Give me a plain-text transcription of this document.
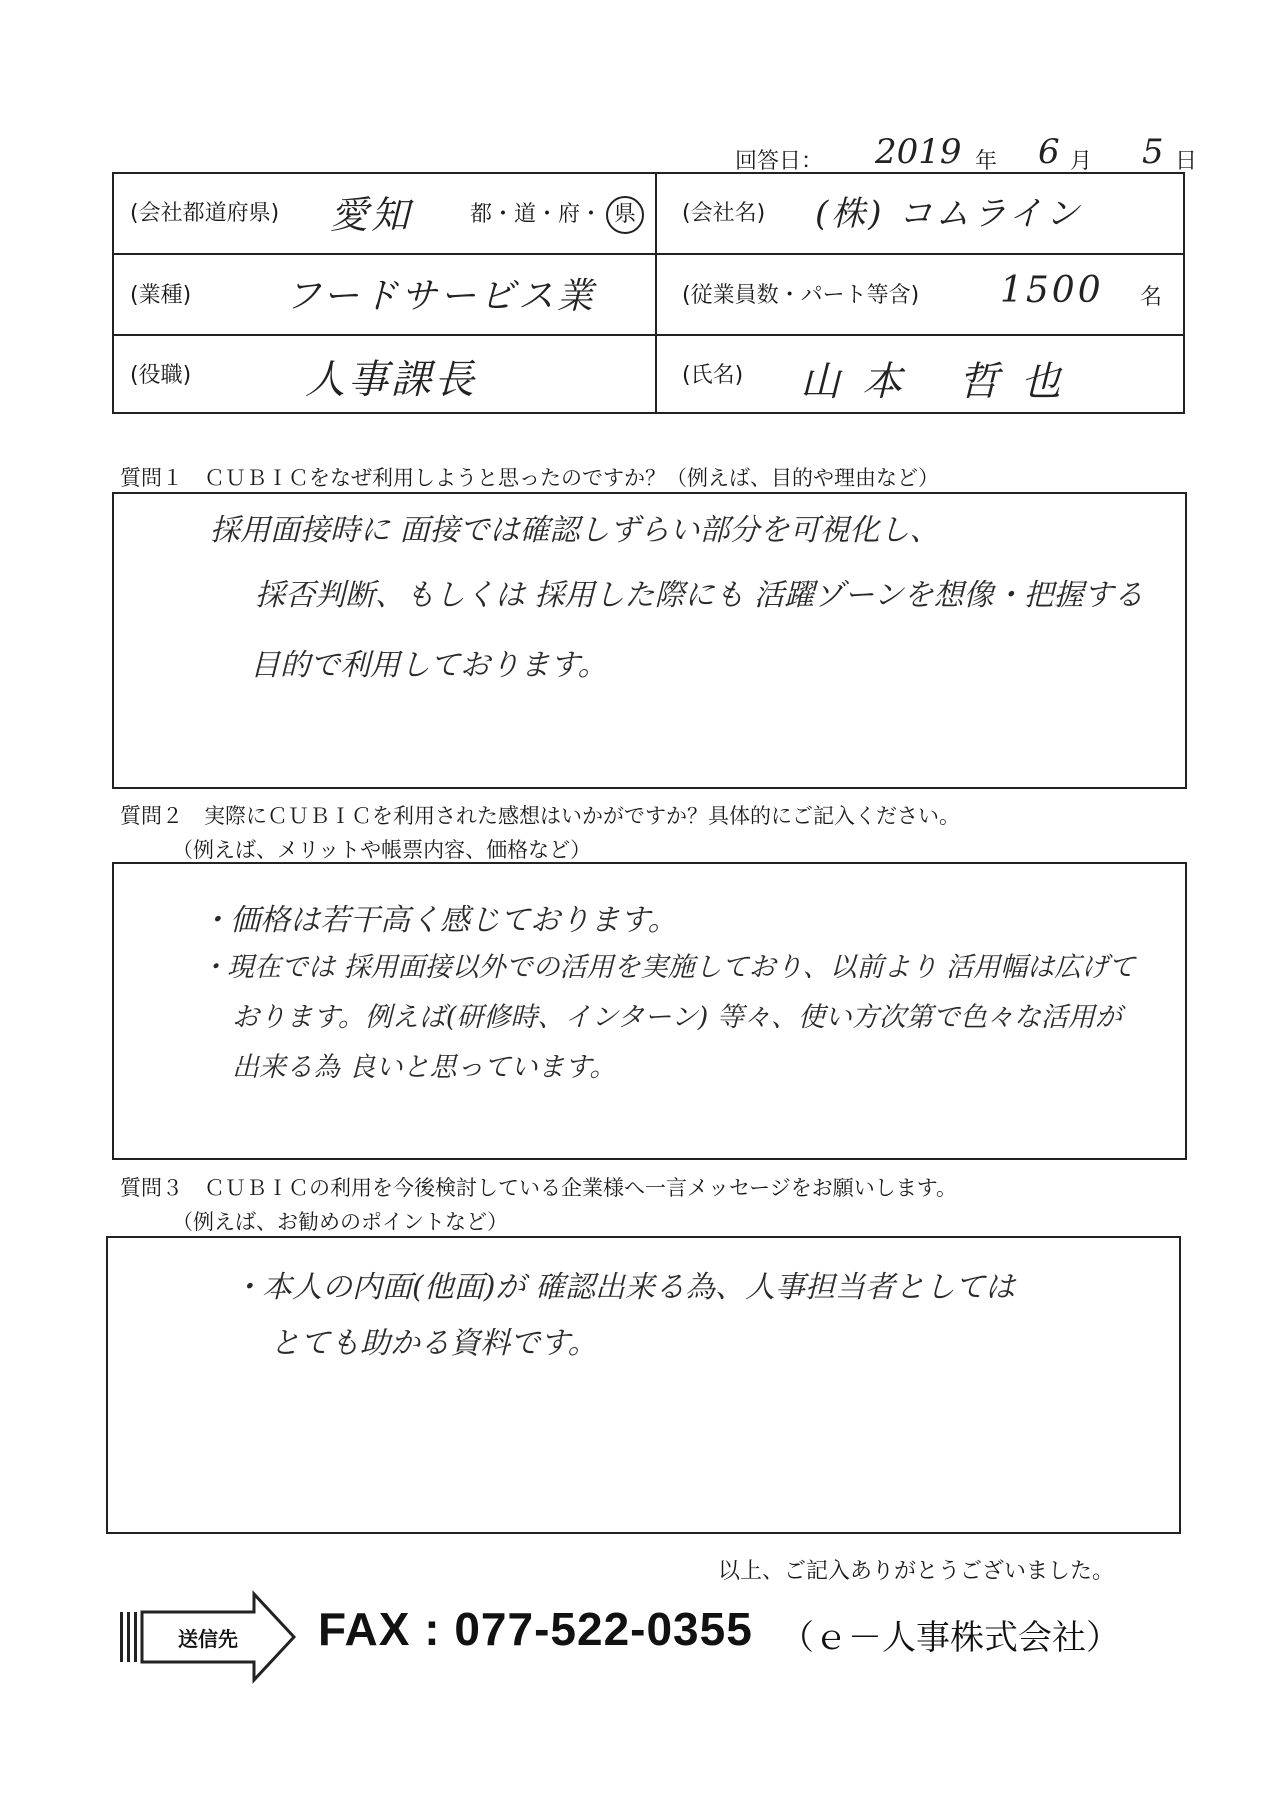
回答日： 2019 年 6 月 5 日
(会社都道府県) 愛知	都・道・府・ 県	(会社名) (株) コムライン
(業種)	フードサービス業	(従業員数・パート等含) 1500 名
(役職)	人事課長	(氏名) 山本 哲也
質問１　ＣＵＢＩＣをなぜ利用しようと思ったのですか？（例えば、目的や理由など）
採用面接時に 面接では確認しずらい部分を可視化し、
採否判断、もしくは 採用した際にも 活躍ゾーンを想像・把握する
目的で利用しております。
質問２　実際にＣＵＢＩＣを利用された感想はいかがですか？具体的にご記入ください。
（例えば、メリットや帳票内容、価格など）
・価格は若干高く感じております。
・現在では 採用面接以外での活用を実施しており、以前より 活用幅は広げて
おります。例えば(研修時、インターン) 等々、使い方次第で色々な活用が
出来る為 良いと思っています。
質問３　ＣＵＢＩＣの利用を今後検討している企業様へ一言メッセージをお願いします。
（例えば、お勧めのポイントなど）
・本人の内面(他面)が 確認出来る為、人事担当者としては
とても助かる資料です。
以上、ご記入ありがとうございました。
送信先 FAX : 077-522-0355 （ｅ－人事株式会社）
